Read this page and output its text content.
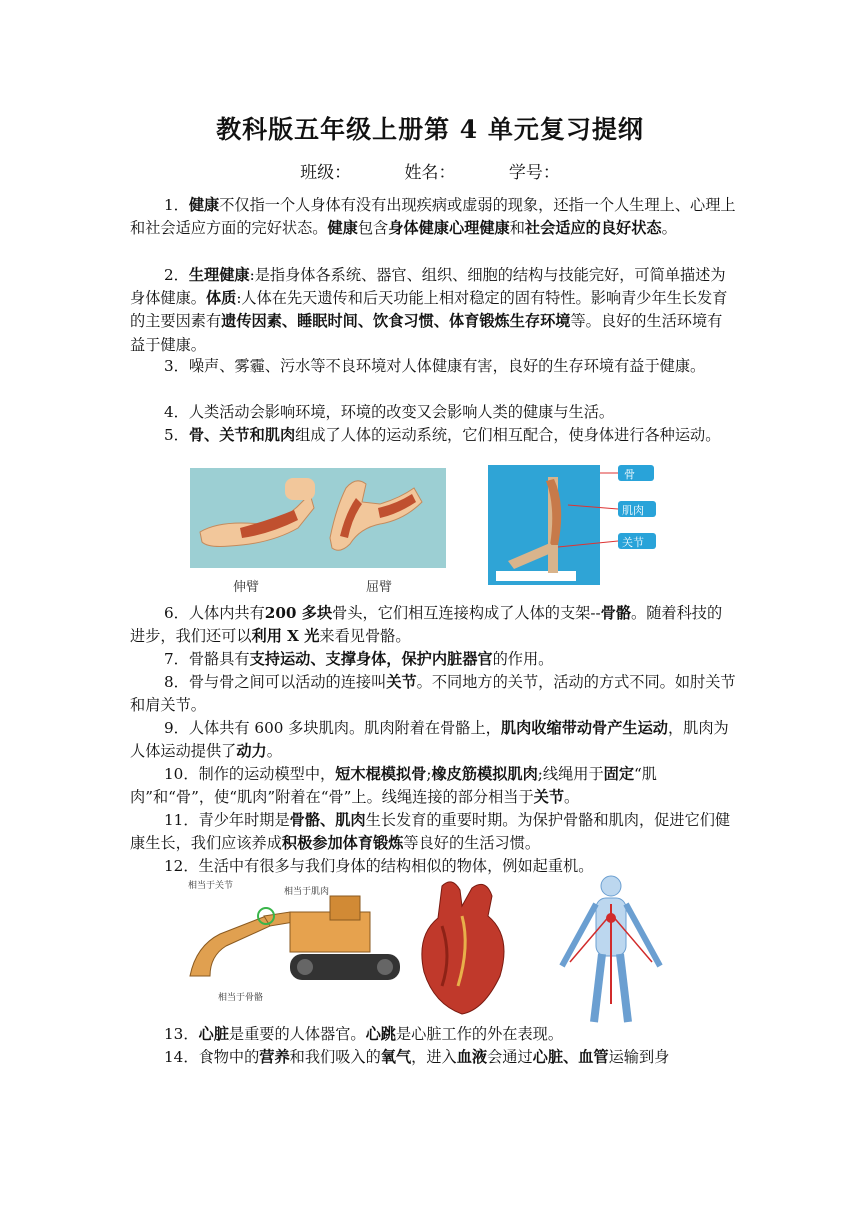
教科版五年级上册第 4 单元复习提纲
班级：	姓名：	学号：
1．健康不仅指一个人身体有没有出现疾病或虚弱的现象，还指一个人生理上、心理上和社会适应方面的完好状态。健康包含身体健康心理健康和社会适应的良好状态。
2．生理健康:是指身体各系统、器官、组织、细胞的结构与技能完好，可简单描述为身体健康。体质:人体在先天遗传和后天功能上相对稳定的固有特性。影响青少年生长发育的主要因素有遗传因素、睡眠时间、饮食习惯、体育锻炼生存环境等。良好的生活环境有益于健康。
3．噪声、雾霾、污水等不良环境对人体健康有害，良好的生存环境有益于健康。
4．人类活动会影响环境，环境的改变又会影响人类的健康与生活。
5．骨、关节和肌肉组成了人体的运动系统，它们相互配合，使身体进行各种运动。
伸臂	屈臂
骨
肌肉
关节
6．人体内共有200 多块骨头，它们相互连接构成了人体的支架--骨骼。随着科技的进步，我们还可以利用 X 光来看见骨骼。
7．骨骼具有支持运动、支撑身体，保护内脏器官的作用。
8．骨与骨之间可以活动的连接叫关节。不同地方的关节，活动的方式不同。如肘关节和肩关节。
9．人体共有 600 多块肌肉。肌肉附着在骨骼上，肌肉收缩带动骨产生运动，肌肉为人体运动提供了动力。
10．制作的运动模型中，短木棍模拟骨;橡皮筋模拟肌肉;线绳用于固定“肌肉”和“骨”，使“肌肉”附着在“骨”上。线绳连接的部分相当于关节。
11．青少年时期是骨骼、肌肉生长发育的重要时期。为保护骨骼和肌肉，促进它们健康生长，我们应该养成积极参加体育锻炼等良好的生活习惯。
12．生活中有很多与我们身体的结构相似的物体，例如起重机。
相当于关节
相当于肌肉
相当于骨骼
13．心脏是重要的人体器官。心跳是心脏工作的外在表现。
14．食物中的营养和我们吸入的氧气，进入血液会通过心脏、血管运输到身
